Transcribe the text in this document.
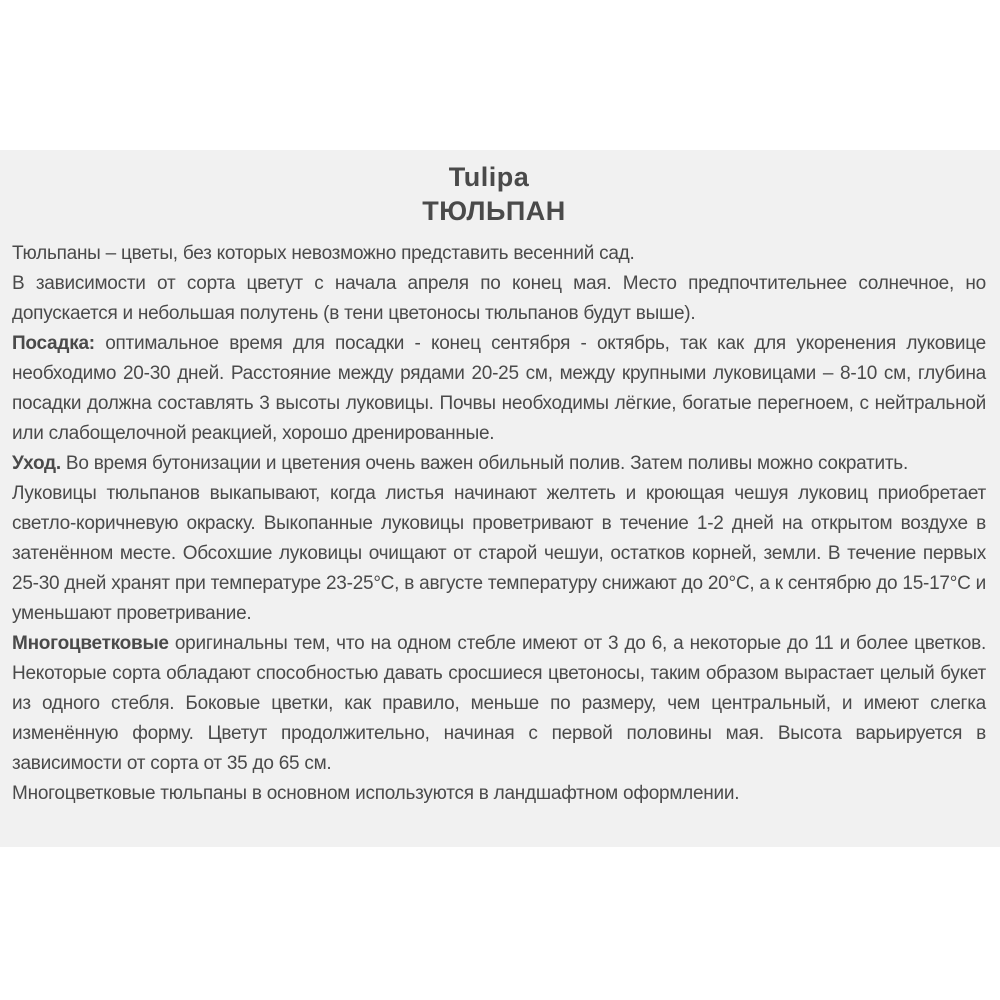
Tulipa
ТЮЛЬПАН

Тюльпаны – цветы, без которых невозможно представить весенний сад.

В зависимости от сорта цветут с начала апреля по конец мая. Место предпочтительнее солнечное, но допускается и небольшая полутень (в тени цветоносы тюльпанов будут выше).

Посадка: оптимальное время для посадки - конец сентября - октябрь, так как для укоренения луковице необходимо 20-30 дней. Расстояние между рядами 20-25 см, между крупными луковицами – 8-10 см, глубина посадки должна составлять 3 высоты луковицы. Почвы необходимы лёгкие, богатые перегноем, с нейтральной или слабощелочной реакцией, хорошо дренированные.

Уход. Во время бутонизации и цветения очень важен обильный полив. Затем поливы можно сократить.

Луковицы тюльпанов выкапывают, когда листья начинают желтеть и кроющая чешуя луковиц приобретает светло-коричневую окраску. Выкопанные луковицы проветривают в течение 1-2 дней на открытом воздухе в затенённом месте. Обсохшие луковицы очищают от старой чешуи, остатков корней, земли. В течение первых 25-30 дней хранят при температуре 23-25°С, в августе температуру снижают до 20°С, а к сентябрю до 15-17°С и уменьшают проветривание.

Многоцветковые оригинальны тем, что на одном стебле имеют от 3 до 6, а некоторые до 11 и более цветков. Некоторые сорта обладают способностью давать сросшиеся цветоносы, таким образом вырастает целый букет из одного стебля. Боковые цветки, как правило, меньше по размеру, чем центральный, и имеют слегка изменённую форму. Цветут продолжительно, начиная с первой половины мая. Высота варьируется в зависимости от сорта от 35 до 65 см.

Многоцветковые тюльпаны в основном используются в ландшафтном оформлении.
